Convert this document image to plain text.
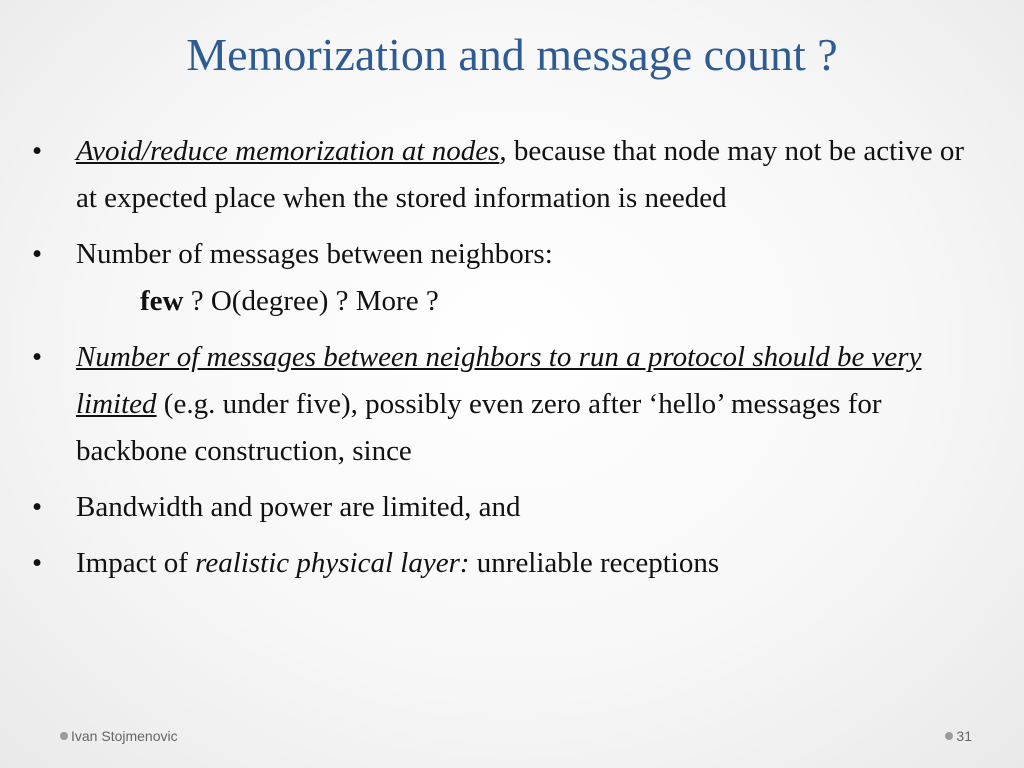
Memorization and message count ?
• Avoid/reduce memorization at nodes, because that node may not be active or at expected place when the stored information is needed
• Number of messages between neighbors:
few ? O(degree) ? More ?
• Number of messages between neighbors to run a protocol should be very limited (e.g. under five), possibly even zero after ‘hello’ messages for backbone construction, since
• Bandwidth and power are limited, and
• Impact of realistic physical layer: unreliable receptions
Ivan Stojmenovic	31
